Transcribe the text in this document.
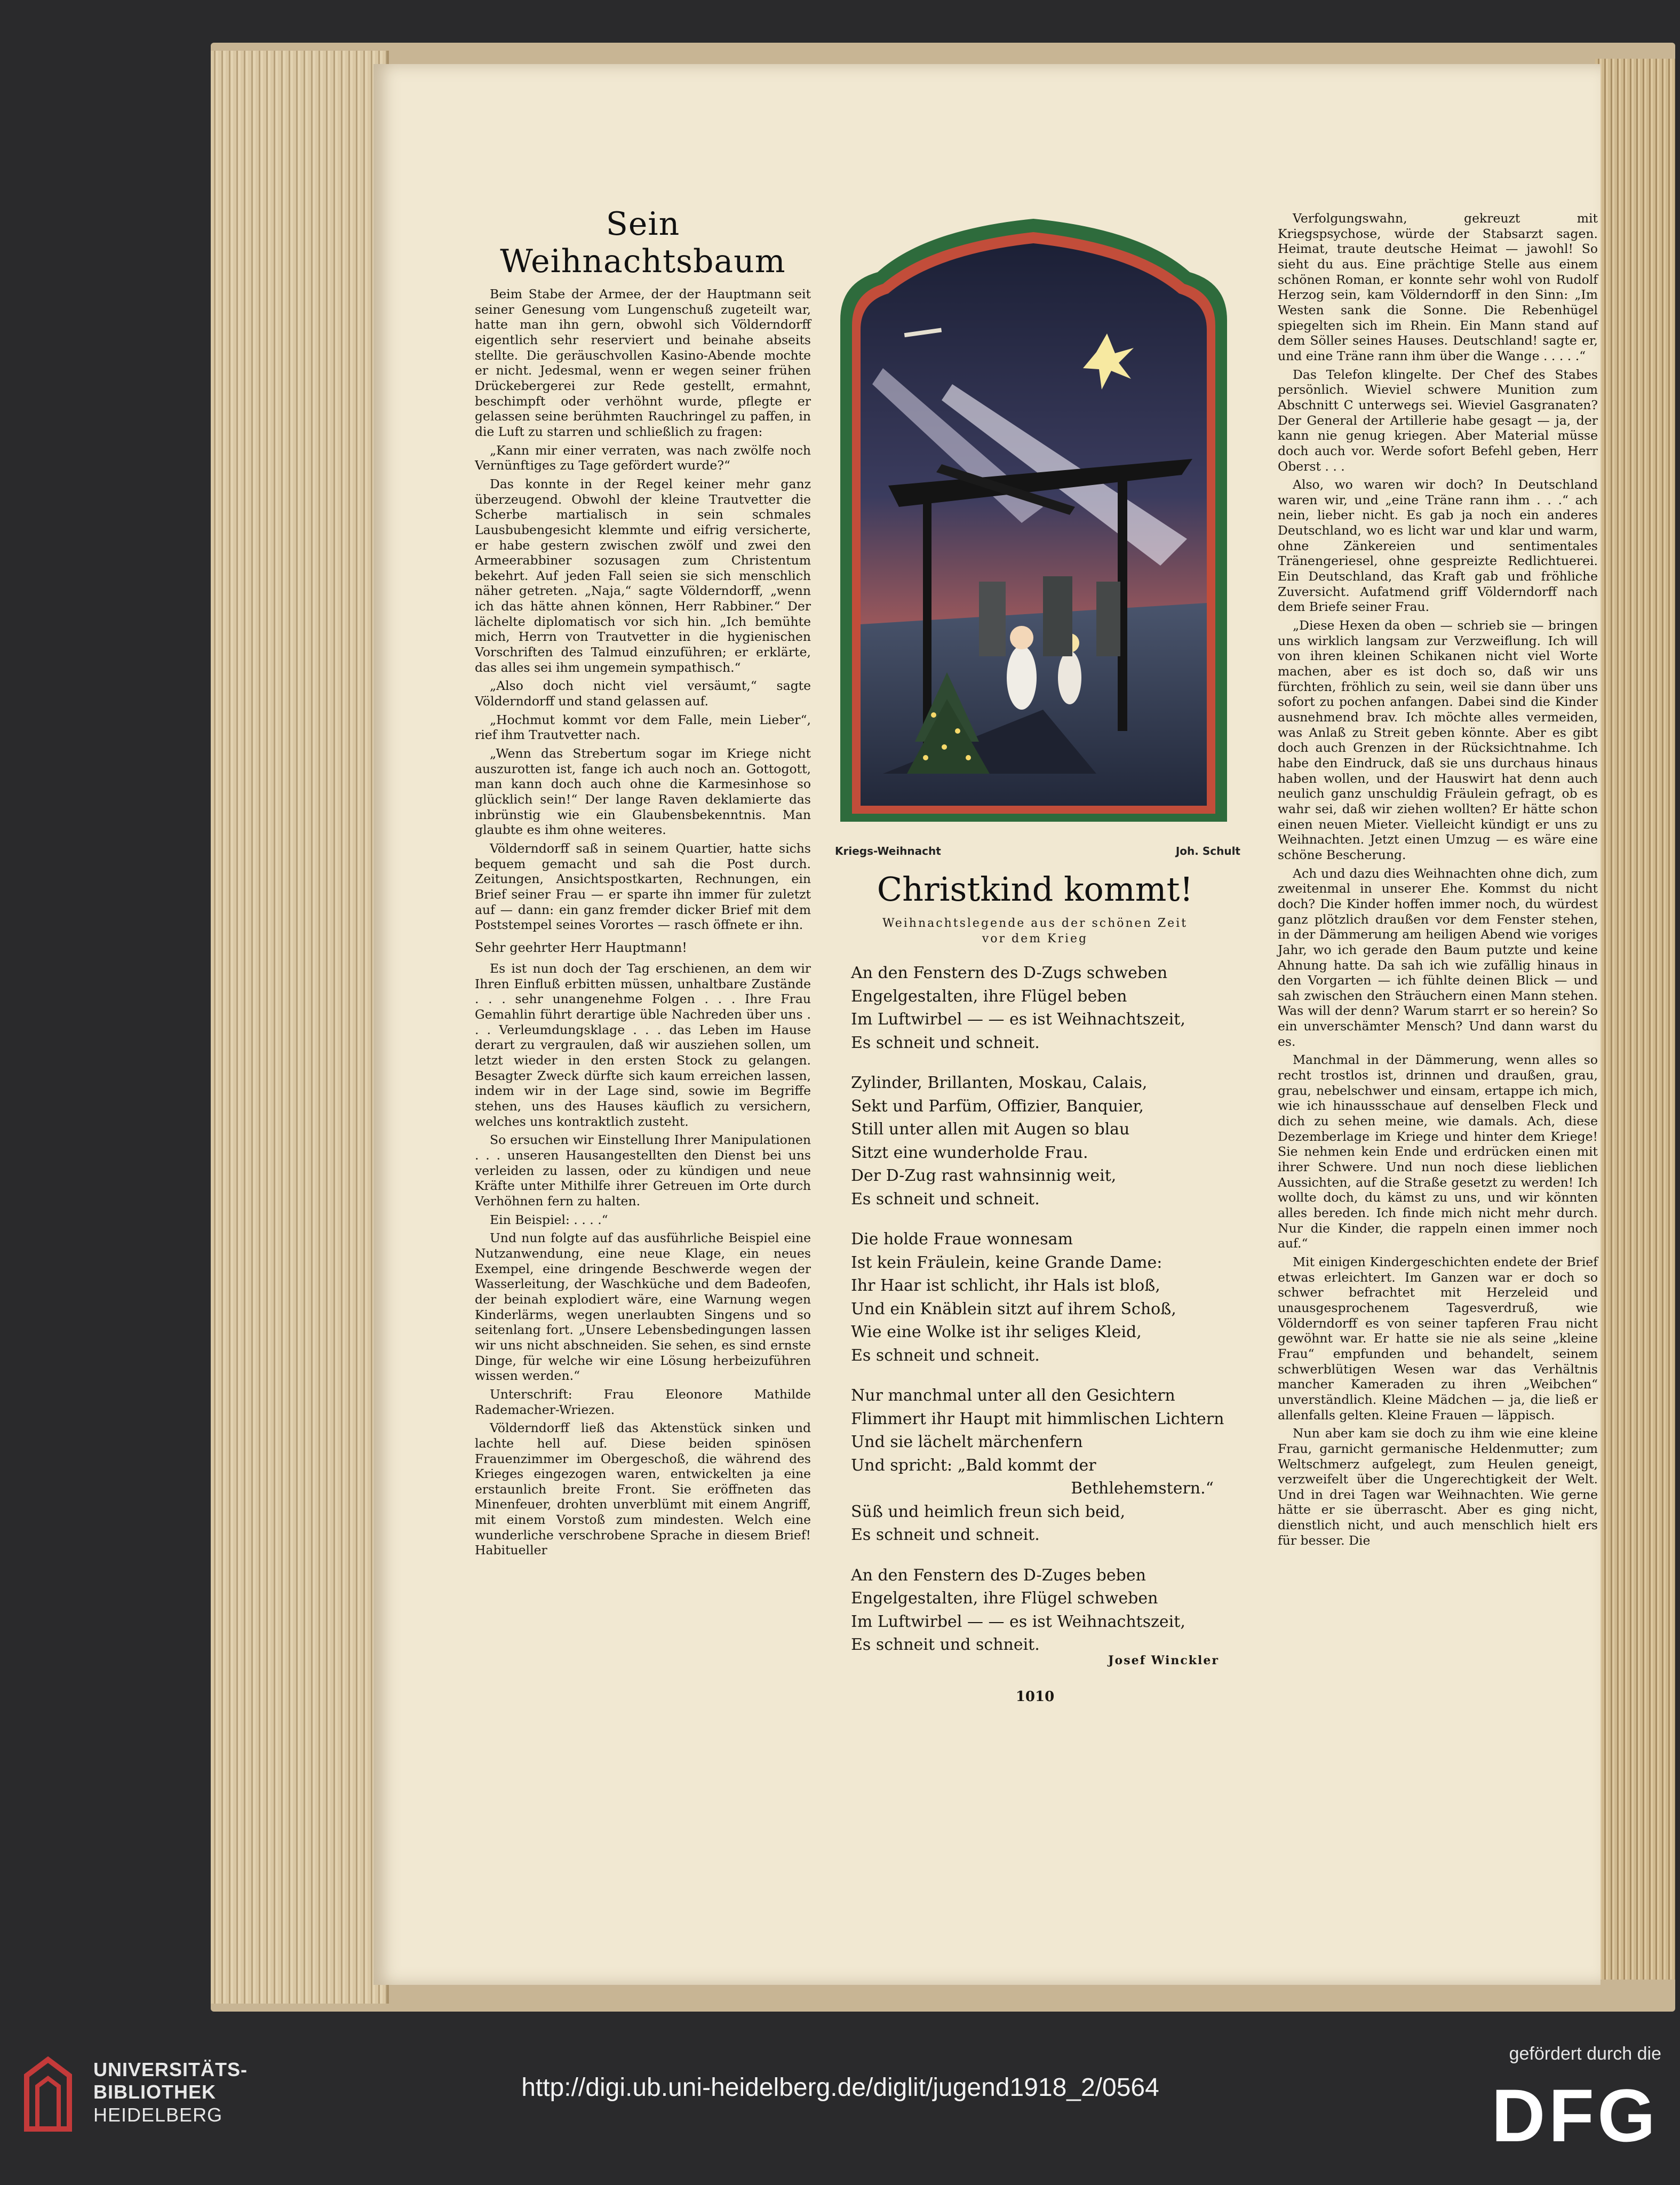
Sein Weihnachtsbaum

Beim Stabe der Armee, der der Hauptmann seit seiner Genesung vom Lungenschuß zugeteilt war, hatte man ihn gern, obwohl sich Völderndorff eigentlich sehr reserviert und beinahe abseits stellte. Die geräuschvollen Kasino-Abende mochte er nicht. Jedesmal, wenn er wegen seiner frühen Drückebergerei zur Rede gestellt, ermahnt, beschimpft oder verhöhnt wurde, pflegte er gelassen seine berühmten Rauchringel zu paffen, in die Luft zu starren und schließlich zu fragen:

„Kann mir einer verraten, was nach zwölfe noch Vernünftiges zu Tage gefördert wurde?“

Das konnte in der Regel keiner mehr ganz überzeugend. Obwohl der kleine Trautvetter die Scherbe martialisch in sein schmales Lausbubengesicht klemmte und eifrig versicherte, er habe gestern zwischen zwölf und zwei den Armeerabbiner sozusagen zum Christentum bekehrt. Auf jeden Fall seien sie sich menschlich näher getreten. „Naja,“ sagte Völderndorff, „wenn ich das hätte ahnen können, Herr Rabbiner.“ Der lächelte diplomatisch vor sich hin. „Ich bemühte mich, Herrn von Trautvetter in die hygienischen Vorschriften des Talmud einzuführen; er erklärte, das alles sei ihm ungemein sympathisch.“

„Also doch nicht viel versäumt,“ sagte Völderndorff und stand gelassen auf.

„Hochmut kommt vor dem Falle, mein Lieber“, rief ihm Trautvetter nach.

„Wenn das Strebertum sogar im Kriege nicht auszurotten ist, fange ich auch noch an. Gottogott, man kann doch auch ohne die Karmesinhose so glücklich sein!“ Der lange Raven deklamierte das inbrünstig wie ein Glaubensbekenntnis. Man glaubte es ihm ohne weiteres.

Völderndorff saß in seinem Quartier, hatte sichs bequem gemacht und sah die Post durch. Zeitungen, Ansichtspostkarten, Rechnungen, ein Brief seiner Frau — er sparte ihn immer für zuletzt auf — dann: ein ganz fremder dicker Brief mit dem Poststempel seines Vorortes — rasch öffnete er ihn.

Sehr geehrter Herr Hauptmann!

Es ist nun doch der Tag erschienen, an dem wir Ihren Einfluß erbitten müssen, unhaltbare Zustände . . . sehr unangenehme Folgen . . . Ihre Frau Gemahlin führt derartige üble Nachreden über uns . . . Verleumdungsklage . . . das Leben im Hause derart zu vergraulen, daß wir ausziehen sollen, um letzt wieder in den ersten Stock zu gelangen. Besagter Zweck dürfte sich kaum erreichen lassen, indem wir in der Lage sind, sowie im Begriffe stehen, uns des Hauses käuflich zu versichern, welches uns kontraktlich zusteht.

So ersuchen wir Einstellung Ihrer Manipulationen . . . unseren Hausangestellten den Dienst bei uns verleiden zu lassen, oder zu kündigen und neue Kräfte unter Mithilfe ihrer Getreuen im Orte durch Verhöhnen fern zu halten.

Ein Beispiel: . . . .“

Und nun folgte auf das ausführliche Beispiel eine Nutzanwendung, eine neue Klage, ein neues Exempel, eine dringende Beschwerde wegen der Wasserleitung, der Waschküche und dem Badeofen, der beinah explodiert wäre, eine Warnung wegen Kinderlärms, wegen unerlaubten Singens und so seitenlang fort. „Unsere Lebensbedingungen lassen wir uns nicht abschneiden. Sie sehen, es sind ernste Dinge, für welche wir eine Lösung herbeizuführen wissen werden.“

Unterschrift: Frau Eleonore Mathilde Rademacher-Wriezen.

Völderndorff ließ das Aktenstück sinken und lachte hell auf. Diese beiden spinösen Frauenzimmer im Obergeschoß, die während des Krieges eingezogen waren, entwickelten ja eine erstaunlich breite Front. Sie eröffneten das Minenfeuer, drohten unverblümt mit einem Angriff, mit einem Vorstoß zum mindesten. Welch eine wunderliche verschrobene Sprache in diesem Brief! Habitueller

Kriegs-Weihnacht	Joh. Schult
Christkind kommt!
Weihnachtslegende aus der schönen Zeit
vor dem Krieg
An den Fenstern des D-Zugs schweben
Engelgestalten, ihre Flügel beben
Im Luftwirbel — — es ist Weihnachtszeit,
Es schneit und schneit.
Zylinder, Brillanten, Moskau, Calais,
Sekt und Parfüm, Offizier, Banquier,
Still unter allen mit Augen so blau
Sitzt eine wunderholde Frau.
Der D-Zug rast wahnsinnig weit,
Es schneit und schneit.
Die holde Fraue wonnesam
Ist kein Fräulein, keine Grande Dame:
Ihr Haar ist schlicht, ihr Hals ist bloß,
Und ein Knäblein sitzt auf ihrem Schoß,
Wie eine Wolke ist ihr seliges Kleid,
Es schneit und schneit.
Nur manchmal unter all den Gesichtern
Flimmert ihr Haupt mit himmlischen Lichtern
Und sie lächelt märchenfern
Und spricht: „Bald kommt der
Bethlehemstern.“
Süß und heimlich freun sich beid,
Es schneit und schneit.
An den Fenstern des D-Zuges beben
Engelgestalten, ihre Flügel schweben
Im Luftwirbel — — es ist Weihnachtszeit,
Es schneit und schneit.
Josef Winckler

Verfolgungswahn, gekreuzt mit Kriegspsychose, würde der Stabsarzt sagen. Heimat, traute deutsche Heimat — jawohl! So sieht du aus. Eine prächtige Stelle aus einem schönen Roman, er konnte sehr wohl von Rudolf Herzog sein, kam Völderndorff in den Sinn: „Im Westen sank die Sonne. Die Rebenhügel spiegelten sich im Rhein. Ein Mann stand auf dem Söller seines Hauses. Deutschland! sagte er, und eine Träne rann ihm über die Wange . . . . .“

Das Telefon klingelte. Der Chef des Stabes persönlich. Wieviel schwere Munition zum Abschnitt C unterwegs sei. Wieviel Gasgranaten? Der General der Artillerie habe gesagt — ja, der kann nie genug kriegen. Aber Material müsse doch auch vor. Werde sofort Befehl geben, Herr Oberst . . .

Also, wo waren wir doch? In Deutschland waren wir, und „eine Träne rann ihm . . .“ ach nein, lieber nicht. Es gab ja noch ein anderes Deutschland, wo es licht war und klar und warm, ohne Zänkereien und sentimentales Tränengeriesel, ohne gespreizte Redlichtuerei. Ein Deutschland, das Kraft gab und fröhliche Zuversicht. Aufatmend griff Völderndorff nach dem Briefe seiner Frau.

„Diese Hexen da oben — schrieb sie — bringen uns wirklich langsam zur Verzweiflung. Ich will von ihren kleinen Schikanen nicht viel Worte machen, aber es ist doch so, daß wir uns fürchten, fröhlich zu sein, weil sie dann über uns sofort zu pochen anfangen. Dabei sind die Kinder ausnehmend brav. Ich möchte alles vermeiden, was Anlaß zu Streit geben könnte. Aber es gibt doch auch Grenzen in der Rücksichtnahme. Ich habe den Eindruck, daß sie uns durchaus hinaus haben wollen, und der Hauswirt hat denn auch neulich ganz unschuldig Fräulein gefragt, ob es wahr sei, daß wir ziehen wollten? Er hätte schon einen neuen Mieter. Vielleicht kündigt er uns zu Weihnachten. Jetzt einen Umzug — es wäre eine schöne Bescherung.

Ach und dazu dies Weihnachten ohne dich, zum zweitenmal in unserer Ehe. Kommst du nicht doch? Die Kinder hoffen immer noch, du würdest ganz plötzlich draußen vor dem Fenster stehen, in der Dämmerung am heiligen Abend wie voriges Jahr, wo ich gerade den Baum putzte und keine Ahnung hatte. Da sah ich wie zufällig hinaus in den Vorgarten — ich fühlte deinen Blick — und sah zwischen den Sträuchern einen Mann stehen. Was will der denn? Warum starrt er so herein? So ein unverschämter Mensch? Und dann warst du es.

Manchmal in der Dämmerung, wenn alles so recht trostlos ist, drinnen und draußen, grau, grau, nebelschwer und einsam, ertappe ich mich, wie ich hinaussschaue auf denselben Fleck und dich zu sehen meine, wie damals. Ach, diese Dezemberlage im Kriege und hinter dem Kriege! Sie nehmen kein Ende und erdrücken einen mit ihrer Schwere. Und nun noch diese lieblichen Aussichten, auf die Straße gesetzt zu werden! Ich wollte doch, du kämst zu uns, und wir könnten alles bereden. Ich finde mich nicht mehr durch. Nur die Kinder, die rappeln einen immer noch auf.“

Mit einigen Kindergeschichten endete der Brief etwas erleichtert. Im Ganzen war er doch so schwer befrachtet mit Herzeleid und unausgesprochenem Tagesverdruß, wie Völderndorff es von seiner tapferen Frau nicht gewöhnt war. Er hatte sie nie als seine „kleine Frau“ empfunden und behandelt, seinem schwerblütigen Wesen war das Verhältnis mancher Kameraden zu ihren „Weibchen“ unverständlich. Kleine Mädchen — ja, die ließ er allenfalls gelten. Kleine Frauen — läppisch.

Nun aber kam sie doch zu ihm wie eine kleine Frau, garnicht germanische Heldenmutter; zum Weltschmerz aufgelegt, zum Heulen geneigt, verzweifelt über die Ungerechtigkeit der Welt. Und in drei Tagen war Weihnachten. Wie gerne hätte er sie überrascht. Aber es ging nicht, dienstlich nicht, und auch menschlich hielt ers für besser. Die

1010
UNIVERSITÄTS-
BIBLIOTHEK
HEIDELBERG
http://digi.ub.uni-heidelberg.de/diglit/jugend1918_2/0564
gefördert durch die
DFG
